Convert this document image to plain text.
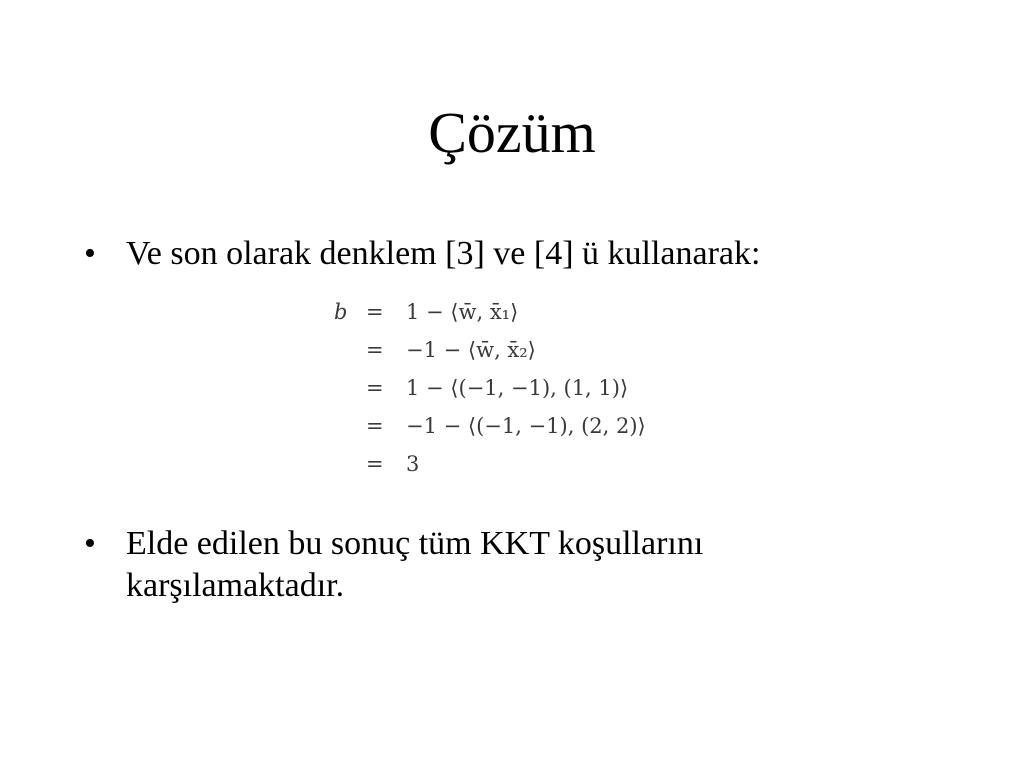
Çözüm
• Ve son olarak denklem [3] ve [4] ü kullanarak:
b = 1 − ⟨w̄, x̄₁⟩
= −1 − ⟨w̄, x̄₂⟩
= 1 − ⟨(−1, −1), (1, 1)⟩
= −1 − ⟨(−1, −1), (2, 2)⟩
= 3
• Elde edilen bu sonuç tüm KKT koşullarını karşılamaktadır.
